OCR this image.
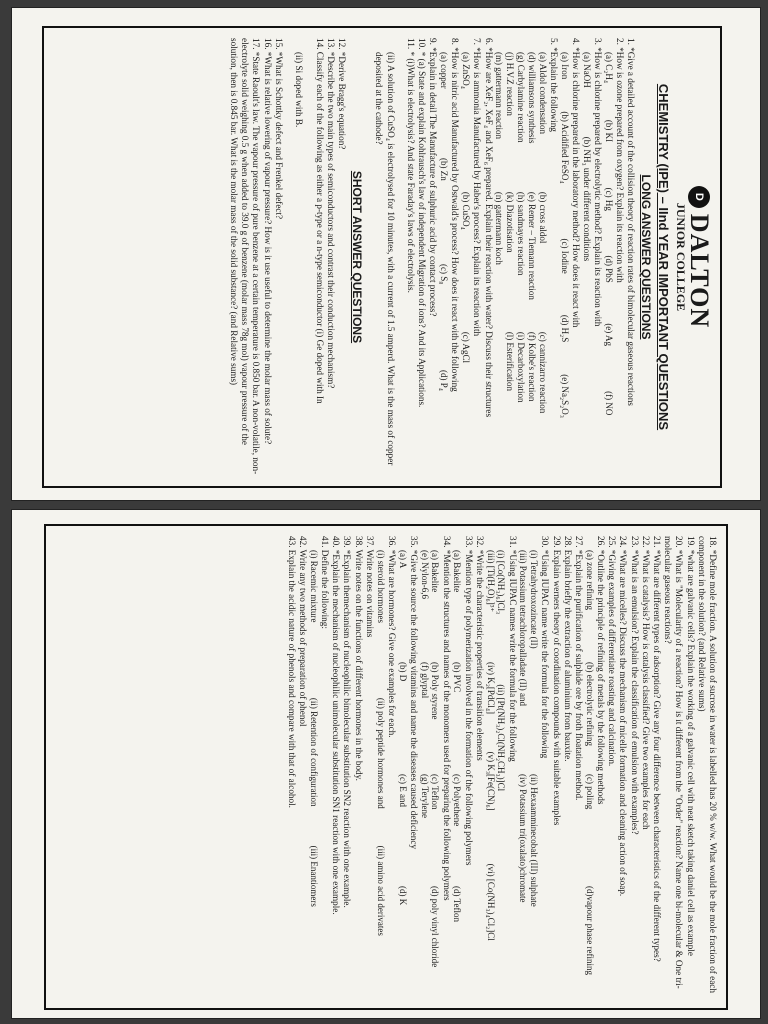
D
DALTON
JUNIOR COLLEGE
CHEMISTRY (IPE) – IInd YEAR IMPORTANT QUESTIONS
LONG ANSWER QUESTIONS

1. *Give a detailed account of the collision theory of reaction rates of bimolecular gaseous reactions

2. *How is ozone prepared from oxygen? Explain its reaction with

(a) C₂H₄
(b) KI
(c) Hg
(d) PbS
(e) Ag
(f) NO

3. *How is chlorine prepared by electrolytic method? Explain its reaction with

(a) NaOH
(b) NH₃ under different conditions

4. *How is chlorine prepared in the laboratory method? How does it react with

(a) Iron
(b) Acidified FeSO₄
(c) Iodine
(d) H₂S
(e) Na₂S₂O₃

5. *Explain the following

(a) Aldol condensation
(b) cross aldol
(c) cannizarro reaction
(d) williamsons synthesis
(e) Remer – Tiemann reaction
(f) Kolbe's reaction
(g) Carbylamine reaction
(h) sandmayes reaction
(i) Decarboxylation
(j) H.V.Z reaction
(k) Diazotisation
(l) Esterification
(m) gattermann reaction
(n) gattermann koch

6. *How are XeF₂, XeF₄ and XeF₆ prepared. Explain their reaction with water? Discuss their structures

7. *How is ammonia Manufactured by Haber's process? Explain its reaction with

(a) ZnSO₄
(b) CuSO₄
(c) AgCl

8. *How is nitric acid Manufactured by Ostwald's process? How does it react with the following

(a) copper
(b) Zn
(c) S₈
(d) P₄

9. *Explain in detail The Manufacture of sulphuric acid by contact process?

10. * (a) State and explain Kohlrausch's law of independent Migration of ions? And its Applications.

11. * (i)What is electrolysis? And state Faraday's laws of electrolysis.

(ii) A solution of CuSO₄ is electrolysed for 10 minutes, with a current of 1.5 amperd. What is the mass of copper deposited at the cathode?

SHORT ANSWER QUESTIONS

12. *Derive Bragg's equation?

13. *Describe the two main types of semiconductors and contrast their conduction mechanism?

14. Classify each of the following as either a p-type or a n-type semiconductor (i) Ge doped with In

(ii) Si doped with B.

15. *What is Schottky defect and Frenkel defect?

16. *What is relative lowering of vapour pressure? How is it use useful to determine the molar mass of solute?

17. *State Raoult's law. The vapour pressure of pure benzene at a certain temperature is 0.850 bar. A non-volatile, non-electrolyte solid weighing 0.5 g when added to 39.0 g of benzene (molar mass 78g mol) vapour pressure of the solution, then is 0.845 bar. What is the molar mass of the solid substance? (and Relative sums)

18. *Define mole fraction. A solution of sucrose in water is labelled has 20 % w/w. What would be the mole fraction of each component in the solution? (and Relative sums)

19. *what are galvanic cells? Explain the working of a galvanic cell with neat sketch taking daniel cell as example

20. *What is "Molecularity of a reaction? How is it different from the "Order" reaction? Name one bi-molecular & One tri-molecular gaseous reactions?

21. *What are different types of adsorption? Give any four difference between characteristics of the different types?

22. *What is catalysis? How is catalysis classified? Give two examples for each

23. *What is an emulsion? Explain the classification of emulsion with examples?

24. *What are micelles? Discuss the mechanism of micelle formation and cleaning action of soap.

25. *Giving examples of differentiate roasting and calcination.

26. *Outline the principle of refining of metals by the following methods

(a) zone refining
(b) electrolytic refining
(c) poling
(d)vapour phase refining

27. *Explain the purification of sulphide ore by froth floatation method.

28. Explain briefly the extraction of aluminium from bauxite.

29. Explain werners theory of coordination compounds with suitable examples

30. *Using IUPAC name write the formula for the following

(i) Tetrahydroxozincate (II)
(ii) Hexaamminecobalt (III) sulphate
(iii) Potassium tetrachloropalladate (II) and
(iv) Potassium tri(oxalato)chromate

31. *Using IUPAC names write the formula for the following

(i) [Co(NH₃)₆]Cl₃
(ii) [Pt(NH₃)₂Cl(NH₂CH₃)]Cl
(iii) [Ti(H₂O)₆]³⁺
(iv) K₂[PdCl₄]
(v) K₃[Fe(CN)₆]
(vi) [Co(NH₃)₄Cl₂]Cl

32. *Write the characteristic properties of transition elements

33. *Mention type of polymerization involved in the formation of the following polymers

(a) Bakelite
(b) PVC
(c) Polyethene
(d) Teflon

34. *Mention the structures and names of the monomers used for preparing the following polymers

(a) Bakelite
(b) Poly styrene
(c) Teflon
(d) poly vinyl chloride
(e) Nylon-6,6
(f) glyptal
(g) Terylene

35. *Give the source the following vitamins and name the diseases caused deficiency

(a) A
(b) D
(c) E and
(d) K

36. *What are hormones? Give one examples for each.

(i) steroid hormones
(ii) poly peptide hormones and
(iii) amino acid derivates

37. Write notes on vitamins

38. Write notes on the functions of different hormones in the body.

39. *Explain themechanism of nucleophilic bimolecular substitution SN2 reaction with one example.

40. *Explain the mechanism of nucleophilic unimolecular substitution SN1 reaction with one example.

41. Define the following:

(i) Racemic mixture
(ii) Retention of configuration
(iii) Enantiomers

42. Write any two methods of preparation of phenol

43. Explain the acidic nature of phenols and compare with that of alcohol.
